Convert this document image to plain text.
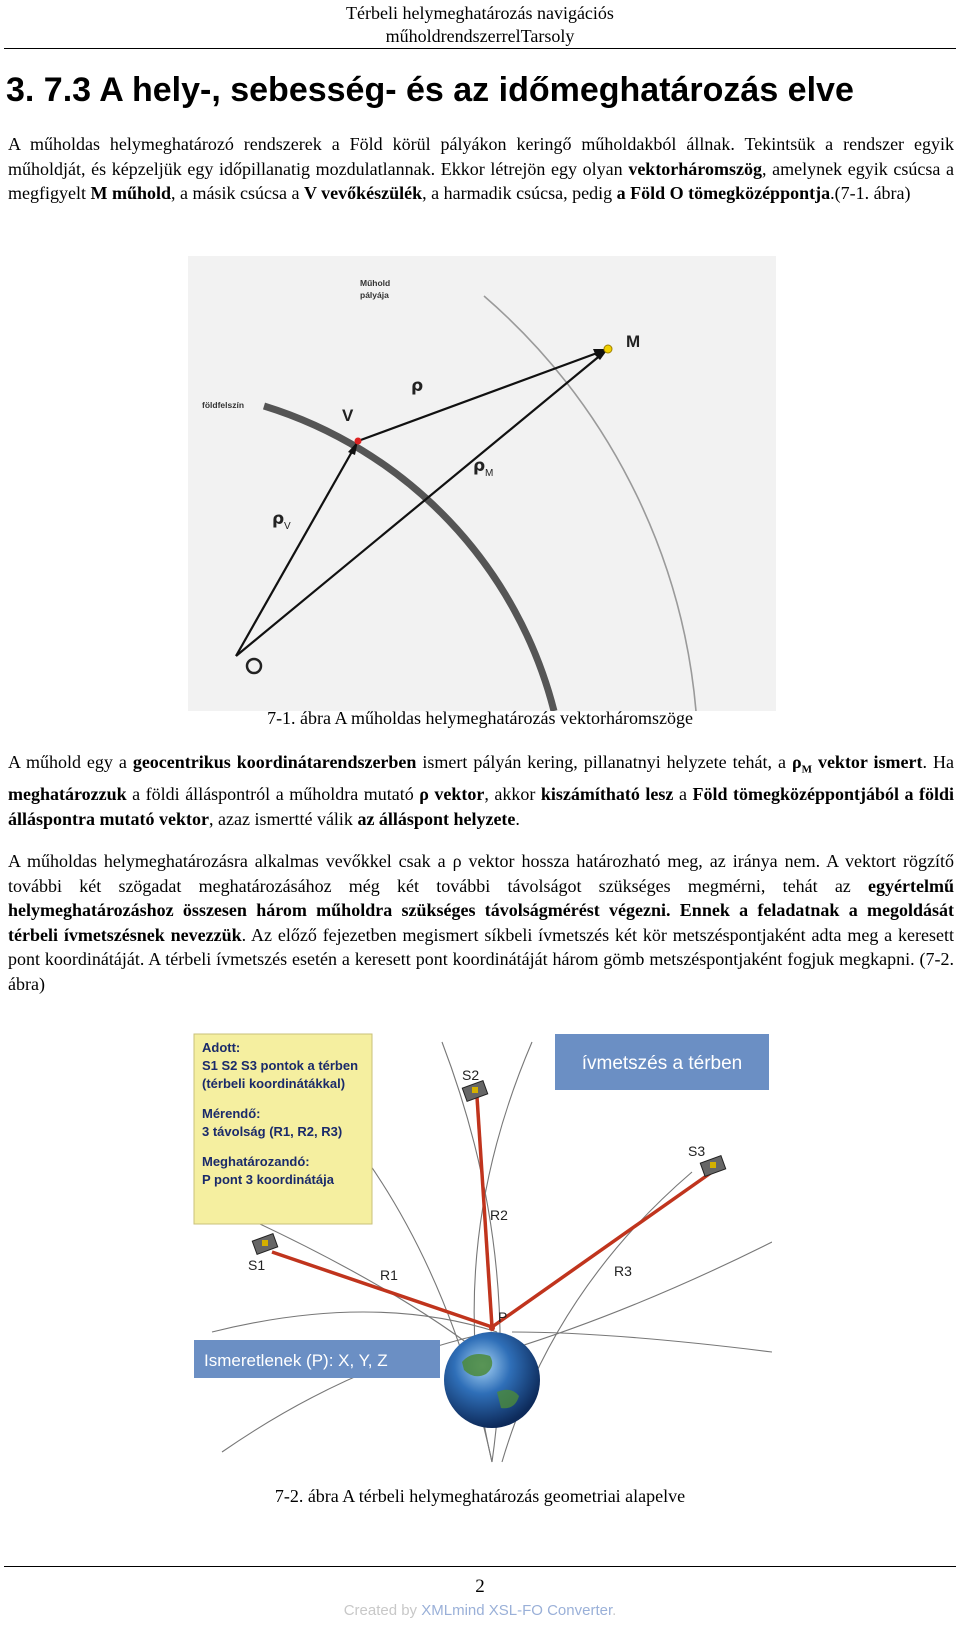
Térbeli helymeghatározás navigációs
műholdrendszerrelTarsoly
3. 7.3 A hely-, sebesség- és az időmeghatározás elve

A műholdas helymeghatározó rendszerek a Föld körül pályákon keringő műholdakból állnak. Tekintsük a rendszer egyik műholdját, és képzeljük egy időpillanatig mozdulatlannak. Ekkor létrejön egy olyan vektorháromszög, amelynek egyik csúcsa a megfigyelt M műhold, a másik csúcsa a V vevőkészülék, a harmadik csúcsa, pedig a Föld O tömegközéppontja.(7-1. ábra)

Műhold
pályája
földfelszín
M
V
ρ
ρ M
ρ V
7-1. ábra A műholdas helymeghatározás vektorháromszöge

A műhold egy a geocentrikus koordinátarendszerben ismert pályán kering, pillanatnyi helyzete tehát, a $\rho_M$ vektor ismert. Ha meghatározzuk a földi álláspontról a műholdra mutató ρ vektor, akkor kiszámítható lesz a Föld tömegközéppontjából a földi álláspontra mutató vektor, azaz ismertté válik az álláspont helyzete.

A műholdas helymeghatározásra alkalmas vevőkkel csak a ρ vektor hossza határozható meg, az iránya nem. A vektort rögzítő további két szögadat meghatározásához még két további távolságot szükséges megmérni, tehát az egyértelmű helymeghatározáshoz összesen három műholdra szükséges távolságmérést végezni. Ennek a feladatnak a megoldását térbeli ívmetszésnek nevezzük. Az előző fejezetben megismert síkbeli ívmetszés két kör metszéspontjaként adta meg a keresett pont koordinátáját. A térbeli ívmetszés esetén a keresett pont koordinátáját három gömb metszéspontjaként fogjuk megkapni. (7-2. ábra)

Adott:
S1 S2 S3 pontok a térben
(térbeli koordinátákkal)
Mérendő:
3 távolság (R1, R2, R3)
Meghatározandó:
P pont 3 koordinátája
ívmetszés a térben
Ismeretlenek (P): X, Y, Z
S1
S2
S3
R1
R2
R3
P
7-2. ábra A térbeli helymeghatározás geometriai alapelve
2
Created by XMLmind XSL-FO Converter.
